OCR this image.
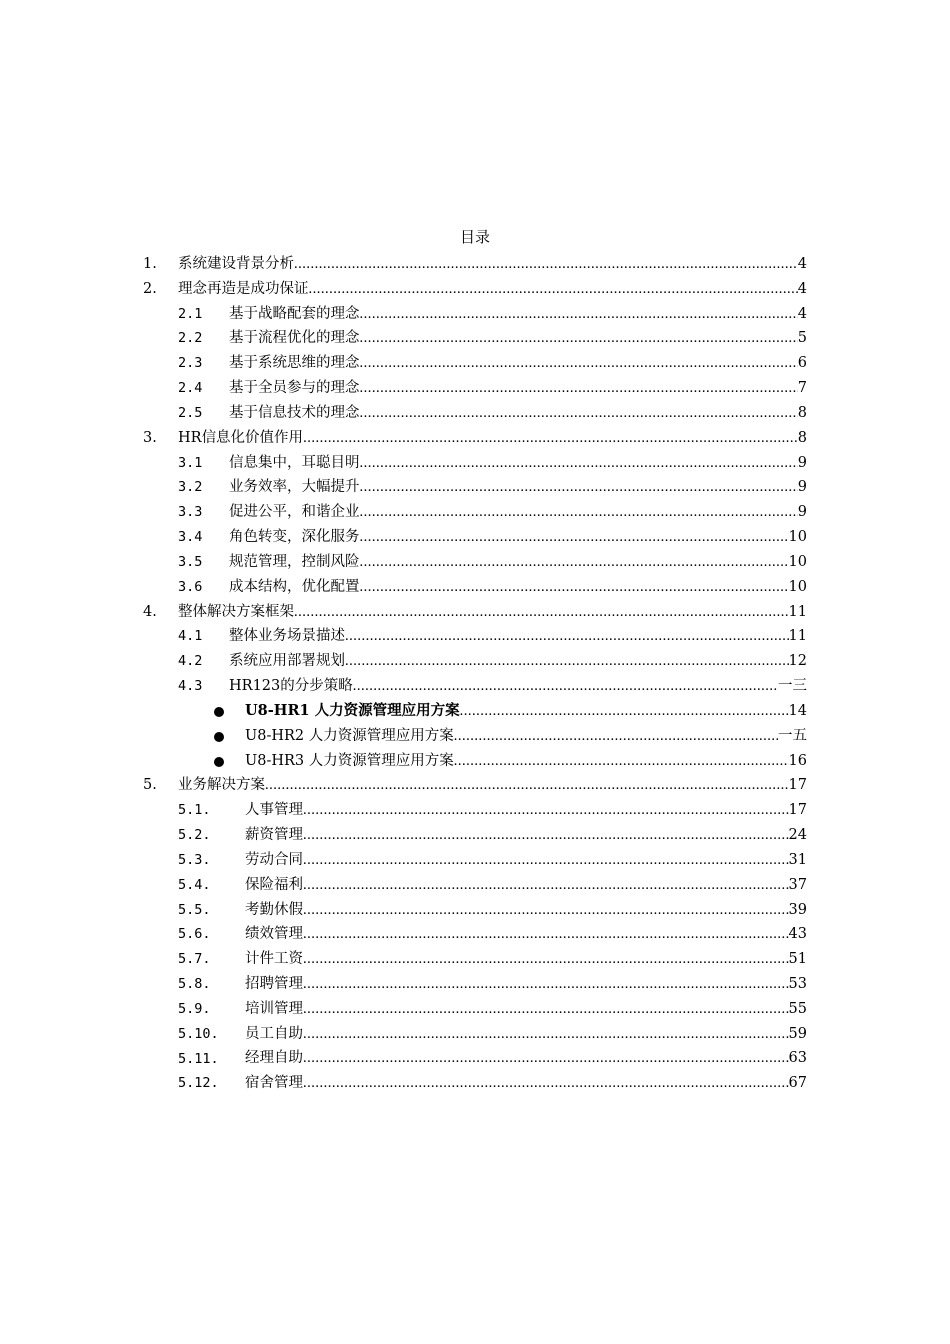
目录
1. 系统建设背景分析 .....	4
2. 理念再造是成功保证 .....	4
2.1 基于战略配套的理念 .....	4
2.2 基于流程优化的理念 .....	5
2.3 基于系统思维的理念 .....	6
2.4 基于全员参与的理念 .....	7
2.5 基于信息技术的理念 .....	8
3. HR信息化价值作用 .....	8
3.1 信息集中，耳聪目明 .....	9
3.2 业务效率，大幅提升 .....	9
3.3 促进公平，和谐企业 .....	9
3.4 角色转变，深化服务 .....	10
3.5 规范管理，控制风险 .....	10
3.6 成本结构，优化配置 .....	10
4. 整体解决方案框架 .....	11
4.1 整体业务场景描述 .....	11
4.2 系统应用部署规划 .....	12
4.3 HR123的分步策略 .....	一三
U8-HR1 人力资源管理应用方案 .....	14
U8-HR2 人力资源管理应用方案 .....	一五
U8-HR3 人力资源管理应用方案 .....	16
5. 业务解决方案 .....	17
5.1. 人事管理 .....	17
5.2. 薪资管理 .....	24
5.3. 劳动合同 .....	31
5.4. 保险福利 .....	37
5.5. 考勤休假 .....	39
5.6. 绩效管理 .....	43
5.7. 计件工资 .....	51
5.8. 招聘管理 .....	53
5.9. 培训管理 .....	55
5.10. 员工自助 .....	59
5.11. 经理自助 .....	63
5.12. 宿舍管理 .....	67
